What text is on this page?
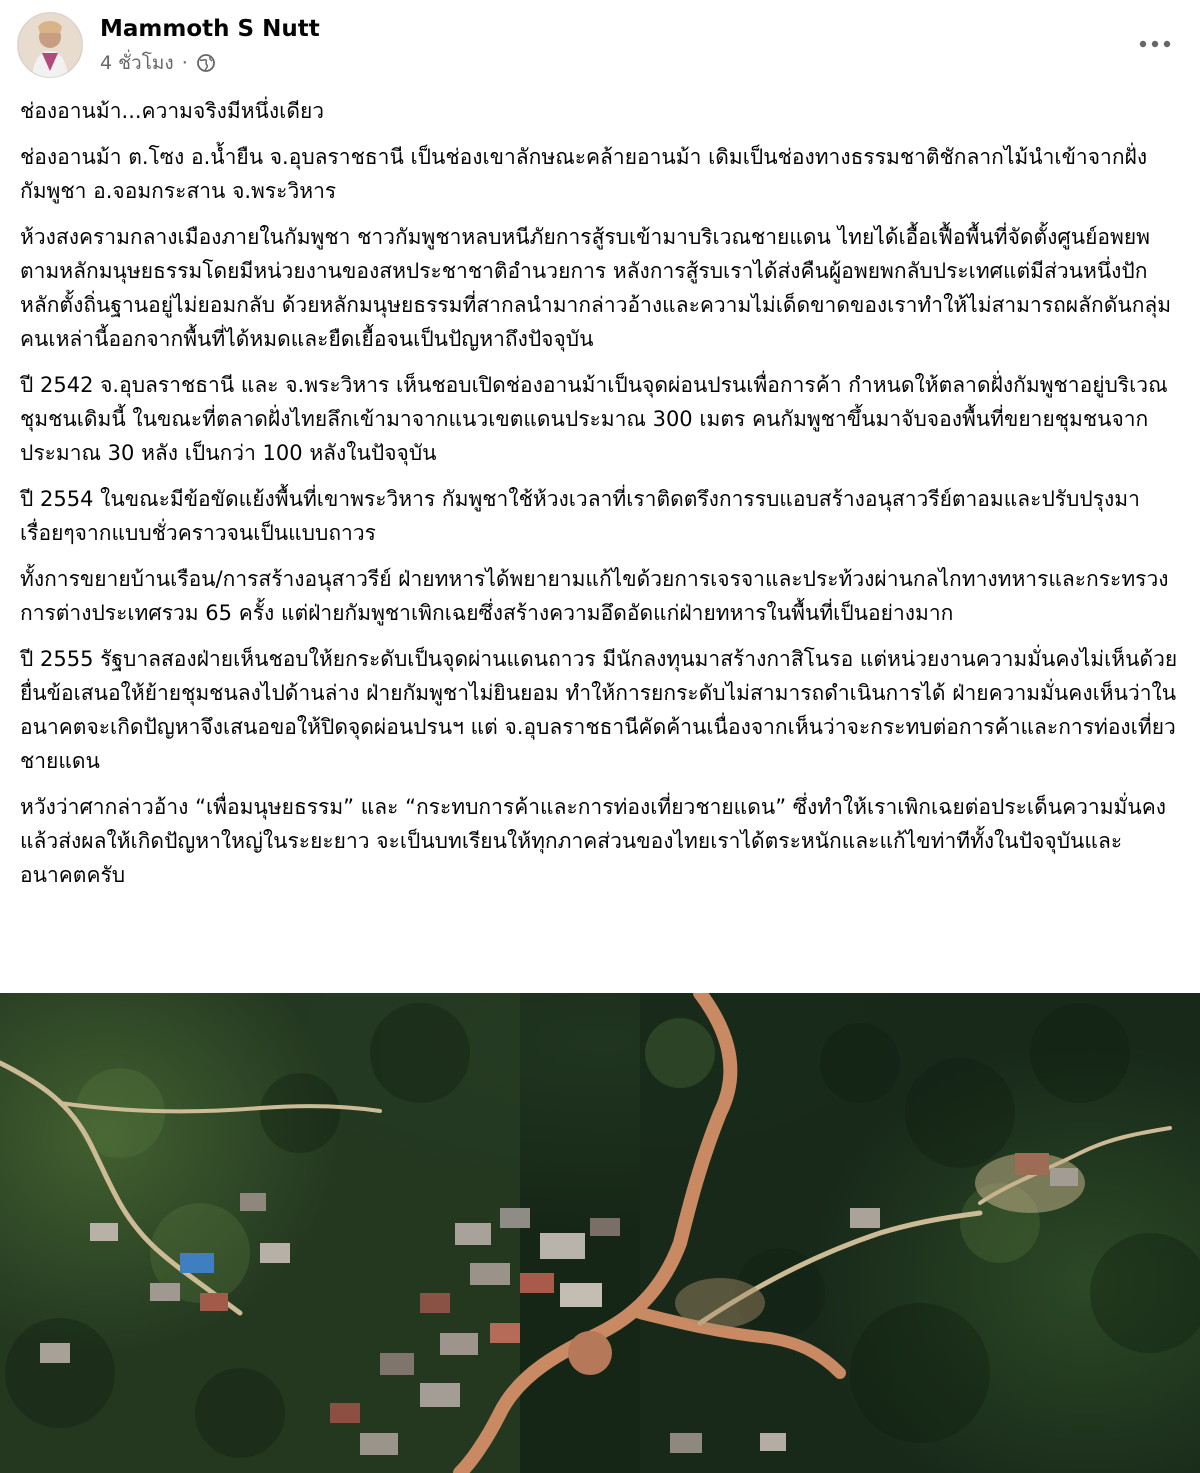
Mammoth S Nutt
4 ชั่วโมง ·

ช่องอานม้า...ความจริงมีหนึ่งเดียว

ช่องอานม้า ต.โซง อ.น้ำยืน จ.อุบลราชธานี เป็นช่องเขาลักษณะคล้ายอานม้า เดิมเป็นช่องทางธรรมชาติชักลากไม้นำเข้าจากฝั่งกัมพูชา อ.จอมกระสาน จ.พระวิหาร

ห้วงสงครามกลางเมืองภายในกัมพูชา ชาวกัมพูชาหลบหนีภัยการสู้รบเข้ามาบริเวณชายแดน ไทยได้เอื้อเฟื้อพื้นที่จัดตั้งศูนย์อพยพตามหลักมนุษยธรรมโดยมีหน่วยงานของสหประชาชาติอำนวยการ หลังการสู้รบเราได้ส่งคืนผู้อพยพกลับประเทศแต่มีส่วนหนึ่งปักหลักตั้งถิ่นฐานอยู่ไม่ยอมกลับ ด้วยหลักมนุษยธรรมที่สากลนำมากล่าวอ้างและความไม่เด็ดขาดของเราทำให้ไม่สามารถผลักดันกลุ่มคนเหล่านี้ออกจากพื้นที่ได้หมดและยืดเยื้อจนเป็นปัญหาถึงปัจจุบัน

ปี 2542 จ.อุบลราชธานี และ จ.พระวิหาร เห็นชอบเปิดช่องอานม้าเป็นจุดผ่อนปรนเพื่อการค้า กำหนดให้ตลาดฝั่งกัมพูชาอยู่บริเวณชุมชนเดิมนี้ ในขณะที่ตลาดฝั่งไทยลึกเข้ามาจากแนวเขตแดนประมาณ 300 เมตร คนกัมพูชาขึ้นมาจับจองพื้นที่ขยายชุมชนจากประมาณ 30 หลัง เป็นกว่า 100 หลังในปัจจุบัน

ปี 2554 ในขณะมีข้อขัดแย้งพื้นที่เขาพระวิหาร กัมพูชาใช้ห้วงเวลาที่เราติดตรึงการรบแอบสร้างอนุสาวรีย์ตาอมและปรับปรุงมาเรื่อยๆจากแบบชั่วคราวจนเป็นแบบถาวร

ทั้งการขยายบ้านเรือน/การสร้างอนุสาวรีย์ ฝ่ายทหารได้พยายามแก้ไขด้วยการเจรจาและประท้วงผ่านกลไกทางทหารและกระทรวงการต่างประเทศรวม 65 ครั้ง แต่ฝ่ายกัมพูชาเพิกเฉยซึ่งสร้างความอึดอัดแก่ฝ่ายทหารในพื้นที่เป็นอย่างมาก

ปี 2555 รัฐบาลสองฝ่ายเห็นชอบให้ยกระดับเป็นจุดผ่านแดนถาวร มีนักลงทุนมาสร้างกาสิโนรอ แต่หน่วยงานความมั่นคงไม่เห็นด้วยยื่นข้อเสนอให้ย้ายชุมชนลงไปด้านล่าง ฝ่ายกัมพูชาไม่ยินยอม ทำให้การยกระดับไม่สามารถดำเนินการได้ ฝ่ายความมั่นคงเห็นว่าในอนาคตจะเกิดปัญหาจึงเสนอขอให้ปิดจุดผ่อนปรนฯ แต่ จ.อุบลราชธานีคัดค้านเนื่องจากเห็นว่าจะกระทบต่อการค้าและการท่องเที่ยวชายแดน

หวังว่าศากล่าวอ้าง “เพื่อมนุษยธรรม” และ “กระทบการค้าและการท่องเที่ยวชายแดน” ซึ่งทำให้เราเพิกเฉยต่อประเด็นความมั่นคงแล้วส่งผลให้เกิดปัญหาใหญ่ในระยะยาว จะเป็นบทเรียนให้ทุกภาคส่วนของไทยเราได้ตระหนักและแก้ไขท่าทีทั้งในปัจจุบันและอนาคตครับ
